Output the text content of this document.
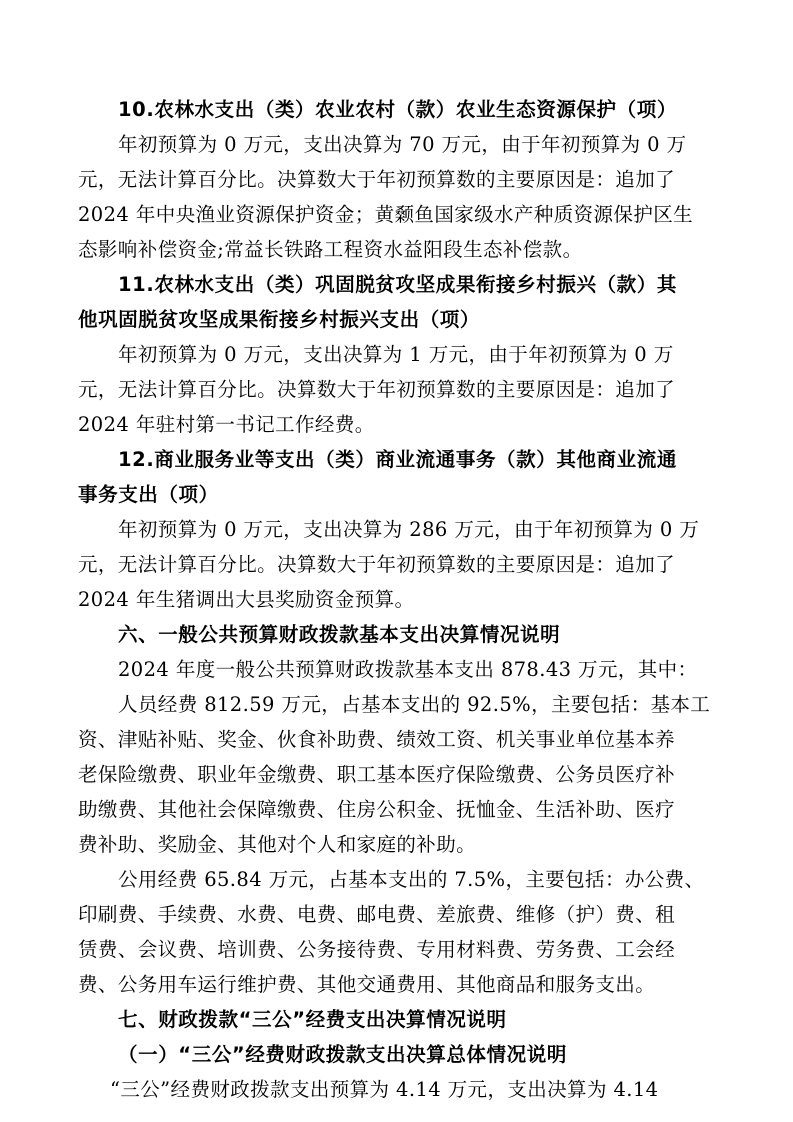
10.农林水支出（类）农业农村（款）农业生态资源保护（项）
年初预算为 0 万元，支出决算为 70 万元，由于年初预算为 0 万
元，无法计算百分比。决算数大于年初预算数的主要原因是：追加了
2024 年中央渔业资源保护资金；黄颡鱼国家级水产种质资源保护区生
态影响补偿资金;常益长铁路工程资水益阳段生态补偿款。
11.农林水支出（类）巩固脱贫攻坚成果衔接乡村振兴（款）其
他巩固脱贫攻坚成果衔接乡村振兴支出（项）
年初预算为 0 万元，支出决算为 1 万元，由于年初预算为 0 万
元，无法计算百分比。决算数大于年初预算数的主要原因是：追加了
2024 年驻村第一书记工作经费。
12.商业服务业等支出（类）商业流通事务（款）其他商业流通
事务支出（项）
年初预算为 0 万元，支出决算为 286 万元，由于年初预算为 0 万
元，无法计算百分比。决算数大于年初预算数的主要原因是：追加了
2024 年生猪调出大县奖励资金预算。
六、一般公共预算财政拨款基本支出决算情况说明
2024 年度一般公共预算财政拨款基本支出 878.43 万元，其中：
人员经费 812.59 万元，占基本支出的 92.5%，主要包括：基本工
资、津贴补贴、奖金、伙食补助费、绩效工资、机关事业单位基本养
老保险缴费、职业年金缴费、职工基本医疗保险缴费、公务员医疗补
助缴费、其他社会保障缴费、住房公积金、抚恤金、生活补助、医疗
费补助、奖励金、其他对个人和家庭的补助。
公用经费 65.84 万元，占基本支出的 7.5%，主要包括：办公费、
印刷费、手续费、水费、电费、邮电费、差旅费、维修（护）费、租
赁费、会议费、培训费、公务接待费、专用材料费、劳务费、工会经
费、公务用车运行维护费、其他交通费用、其他商品和服务支出。
七、财政拨款“三公”经费支出决算情况说明
（一）“三公”经费财政拨款支出决算总体情况说明
“三公”经费财政拨款支出预算为 4.14 万元，支出决算为 4.14
